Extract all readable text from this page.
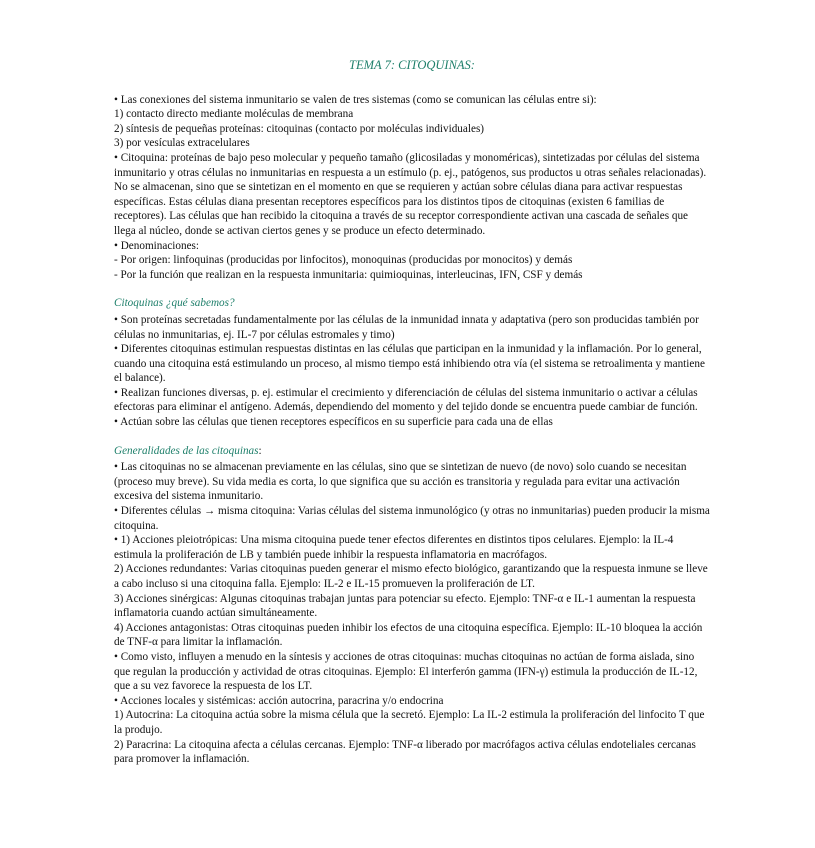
TEMA 7: CITOQUINAS:

• Las conexiones del sistema inmunitario se valen de tres sistemas (como se comunican las células entre si):

1) contacto directo mediante moléculas de membrana

2) síntesis de pequeñas proteínas: citoquinas (contacto por moléculas individuales)

3) por vesículas extracelulares

• Citoquina: proteínas de bajo peso molecular y pequeño tamaño (glicosiladas y monoméricas), sintetizadas por células del sistema inmunitario y otras células no inmunitarias en respuesta a un estímulo (p. ej., patógenos, sus productos u otras señales relacionadas). No se almacenan, sino que se sintetizan en el momento en que se requieren y actúan sobre células diana para activar respuestas específicas. Estas células diana presentan receptores específicos para los distintos tipos de citoquinas (existen 6 familias de receptores). Las células que han recibido la citoquina a través de su receptor correspondiente activan una cascada de señales que llega al núcleo, donde se activan ciertos genes y se produce un efecto determinado.

• Denominaciones:

- Por origen: linfoquinas (producidas por linfocitos), monoquinas (producidas por monocitos) y demás

- Por la función que realizan en la respuesta inmunitaria: quimioquinas, interleucinas, IFN, CSF y demás

Citoquinas ¿qué sabemos?

• Son proteínas secretadas fundamentalmente por las células de la inmunidad innata y adaptativa (pero son producidas también por células no inmunitarias, ej. IL-7 por células estromales y timo)

• Diferentes citoquinas estimulan respuestas distintas en las células que participan en la inmunidad y la inflamación. Por lo general, cuando una citoquina está estimulando un proceso, al mismo tiempo está inhibiendo otra vía (el sistema se retroalimenta y mantiene el balance).

• Realizan funciones diversas, p. ej. estimular el crecimiento y diferenciación de células del sistema inmunitario o activar a células efectoras para eliminar el antígeno. Además, dependiendo del momento y del tejido donde se encuentra puede cambiar de función.

• Actúan sobre las células que tienen receptores específicos en su superficie para cada una de ellas

Generalidades de las citoquinas:

• Las citoquinas no se almacenan previamente en las células, sino que se sintetizan de nuevo (de novo) solo cuando se necesitan (proceso muy breve). Su vida media es corta, lo que significa que su acción es transitoria y regulada para evitar una activación excesiva del sistema inmunitario.

• Diferentes células → misma citoquina: Varias células del sistema inmunológico (y otras no inmunitarias) pueden producir la misma citoquina.

• 1) Acciones pleiotrópicas: Una misma citoquina puede tener efectos diferentes en distintos tipos celulares. Ejemplo: la IL-4 estimula la proliferación de LB y también puede inhibir la respuesta inflamatoria en macrófagos.

2) Acciones redundantes: Varias citoquinas pueden generar el mismo efecto biológico, garantizando que la respuesta inmune se lleve a cabo incluso si una citoquina falla. Ejemplo: IL-2 e IL-15 promueven la proliferación de LT.

3) Acciones sinérgicas: Algunas citoquinas trabajan juntas para potenciar su efecto. Ejemplo: TNF-α e IL-1 aumentan la respuesta inflamatoria cuando actúan simultáneamente.

4) Acciones antagonistas: Otras citoquinas pueden inhibir los efectos de una citoquina específica. Ejemplo: IL-10 bloquea la acción de TNF-α para limitar la inflamación.

• Como visto, influyen a menudo en la síntesis y acciones de otras citoquinas: muchas citoquinas no actúan de forma aislada, sino que regulan la producción y actividad de otras citoquinas. Ejemplo: El interferón gamma (IFN-γ) estimula la producción de IL-12, que a su vez favorece la respuesta de los LT.

• Acciones locales y sistémicas: acción autocrina, paracrina y/o endocrina

1) Autocrina: La citoquina actúa sobre la misma célula que la secretó. Ejemplo: La IL-2 estimula la proliferación del linfocito T que la produjo.

2) Paracrina: La citoquina afecta a células cercanas. Ejemplo: TNF-α liberado por macrófagos activa células endoteliales cercanas para promover la inflamación.
